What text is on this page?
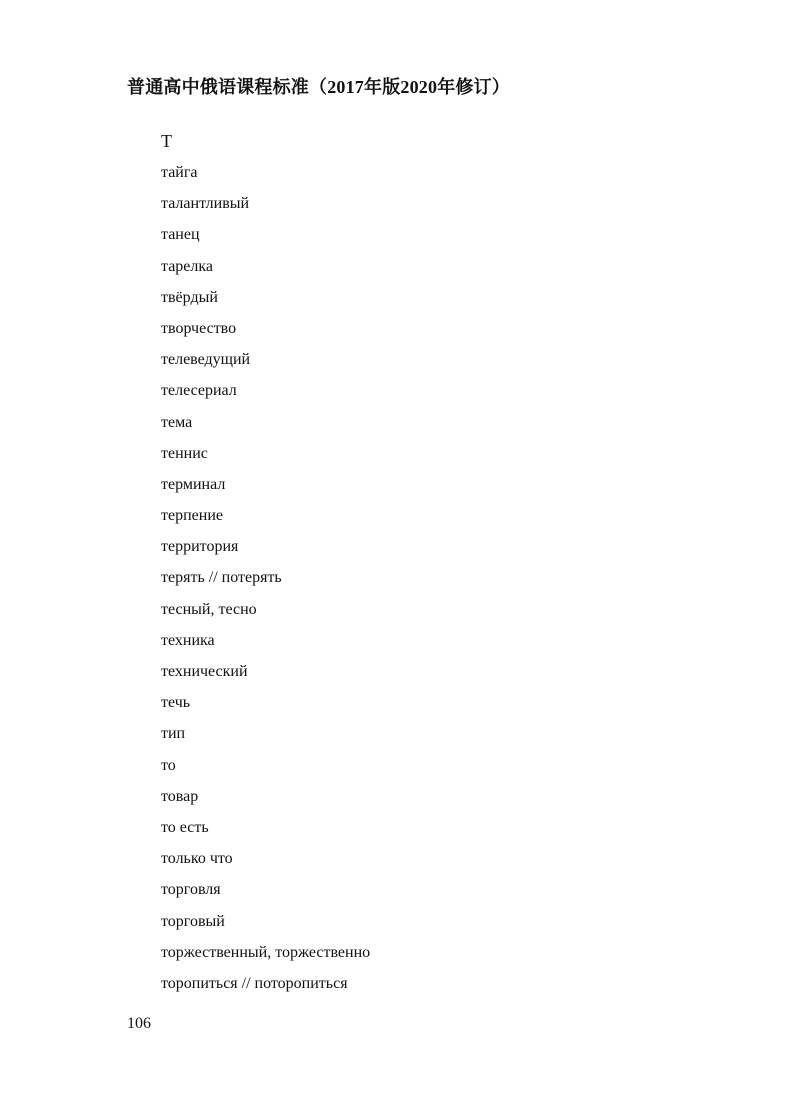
普通高中俄语课程标准（2017年版2020年修订）
Т
тайга
талантливый
танец
тарелка
твёрдый
творчество
телеведущий
телесериал
тема
теннис
терминал
терпение
территория
терять // потерять
тесный, тесно
техника
технический
течь
тип
то
товар
то есть
только что
торговля
торговый
торжественный, торжественно
торопиться // поторопиться
106
